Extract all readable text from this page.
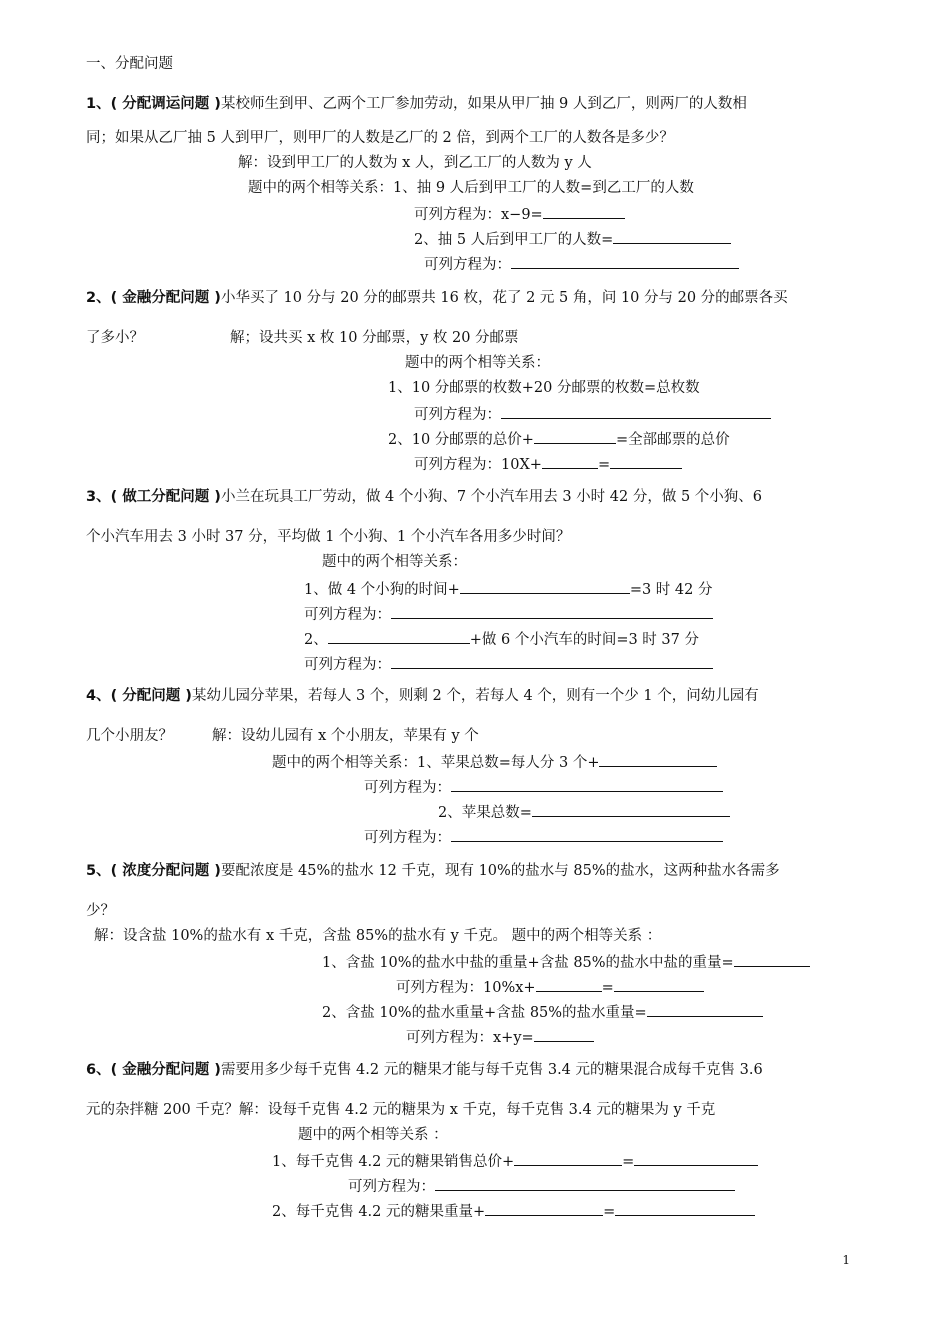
一、分配问题
1、( 分配调运问题 )某校师生到甲、乙两个工厂参加劳动，如果从甲厂抽 9 人到乙厂，则两厂的人数相
同；如果从乙厂抽 5 人到甲厂，则甲厂的人数是乙厂的 2 倍，到两个工厂的人数各是多少？
解：设到甲工厂的人数为 x 人，到乙工厂的人数为 y 人
题中的两个相等关系：1、抽 9 人后到甲工厂的人数=到乙工厂的人数
可列方程为：x−9=
2、抽 5 人后到甲工厂的人数=
可列方程为：
2、( 金融分配问题 )小华买了 10 分与 20 分的邮票共 16 枚，花了 2 元 5 角，问 10 分与 20 分的邮票各买
了多小？	解；设共买 x 枚 10 分邮票，y 枚 20 分邮票
题中的两个相等关系：
1、10 分邮票的枚数+20 分邮票的枚数=总枚数
可列方程为：
2、10 分邮票的总价+	=全部邮票的总价
可列方程为：10X+	=
3、( 做工分配问题 )小兰在玩具工厂劳动，做 4 个小狗、7 个小汽车用去 3 小时 42 分，做 5 个小狗、6
个小汽车用去 3 小时 37 分，平均做 1 个小狗、1 个小汽车各用多少时间？
题中的两个相等关系：
1、做 4 个小狗的时间+	=3 时 42 分
可列方程为：
2、	+做 6 个小汽车的时间=3 时 37 分
可列方程为：
4、( 分配问题 )某幼儿园分苹果，若每人 3 个，则剩 2 个，若每人 4 个，则有一个少 1 个，问幼儿园有
几个小朋友？	解：设幼儿园有 x 个小朋友，苹果有 y 个
题中的两个相等关系：1、苹果总数=每人分 3 个+
可列方程为：
2、苹果总数=
可列方程为：
5、( 浓度分配问题 )要配浓度是 45%的盐水 12 千克，现有 10%的盐水与 85%的盐水，这两种盐水各需多
少？
解：设含盐 10%的盐水有 x 千克，含盐 85%的盐水有 y 千克。 题中的两个相等关系 ：
1、含盐 10%的盐水中盐的重量+含盐 85%的盐水中盐的重量=
可列方程为：10%x+	=
2、含盐 10%的盐水重量+含盐 85%的盐水重量=
可列方程为：x+y=
6、( 金融分配问题 )需要用多少每千克售 4.2 元的糖果才能与每千克售 3.4 元的糖果混合成每千克售 3.6
元的杂拌糖 200 千克？解：设每千克售 4.2 元的糖果为 x 千克，每千克售 3.4 元的糖果为 y 千克
题中的两个相等关系 ：
1、每千克售 4.2 元的糖果销售总价+	=
可列方程为：
2、每千克售 4.2 元的糖果重量+	=
1
